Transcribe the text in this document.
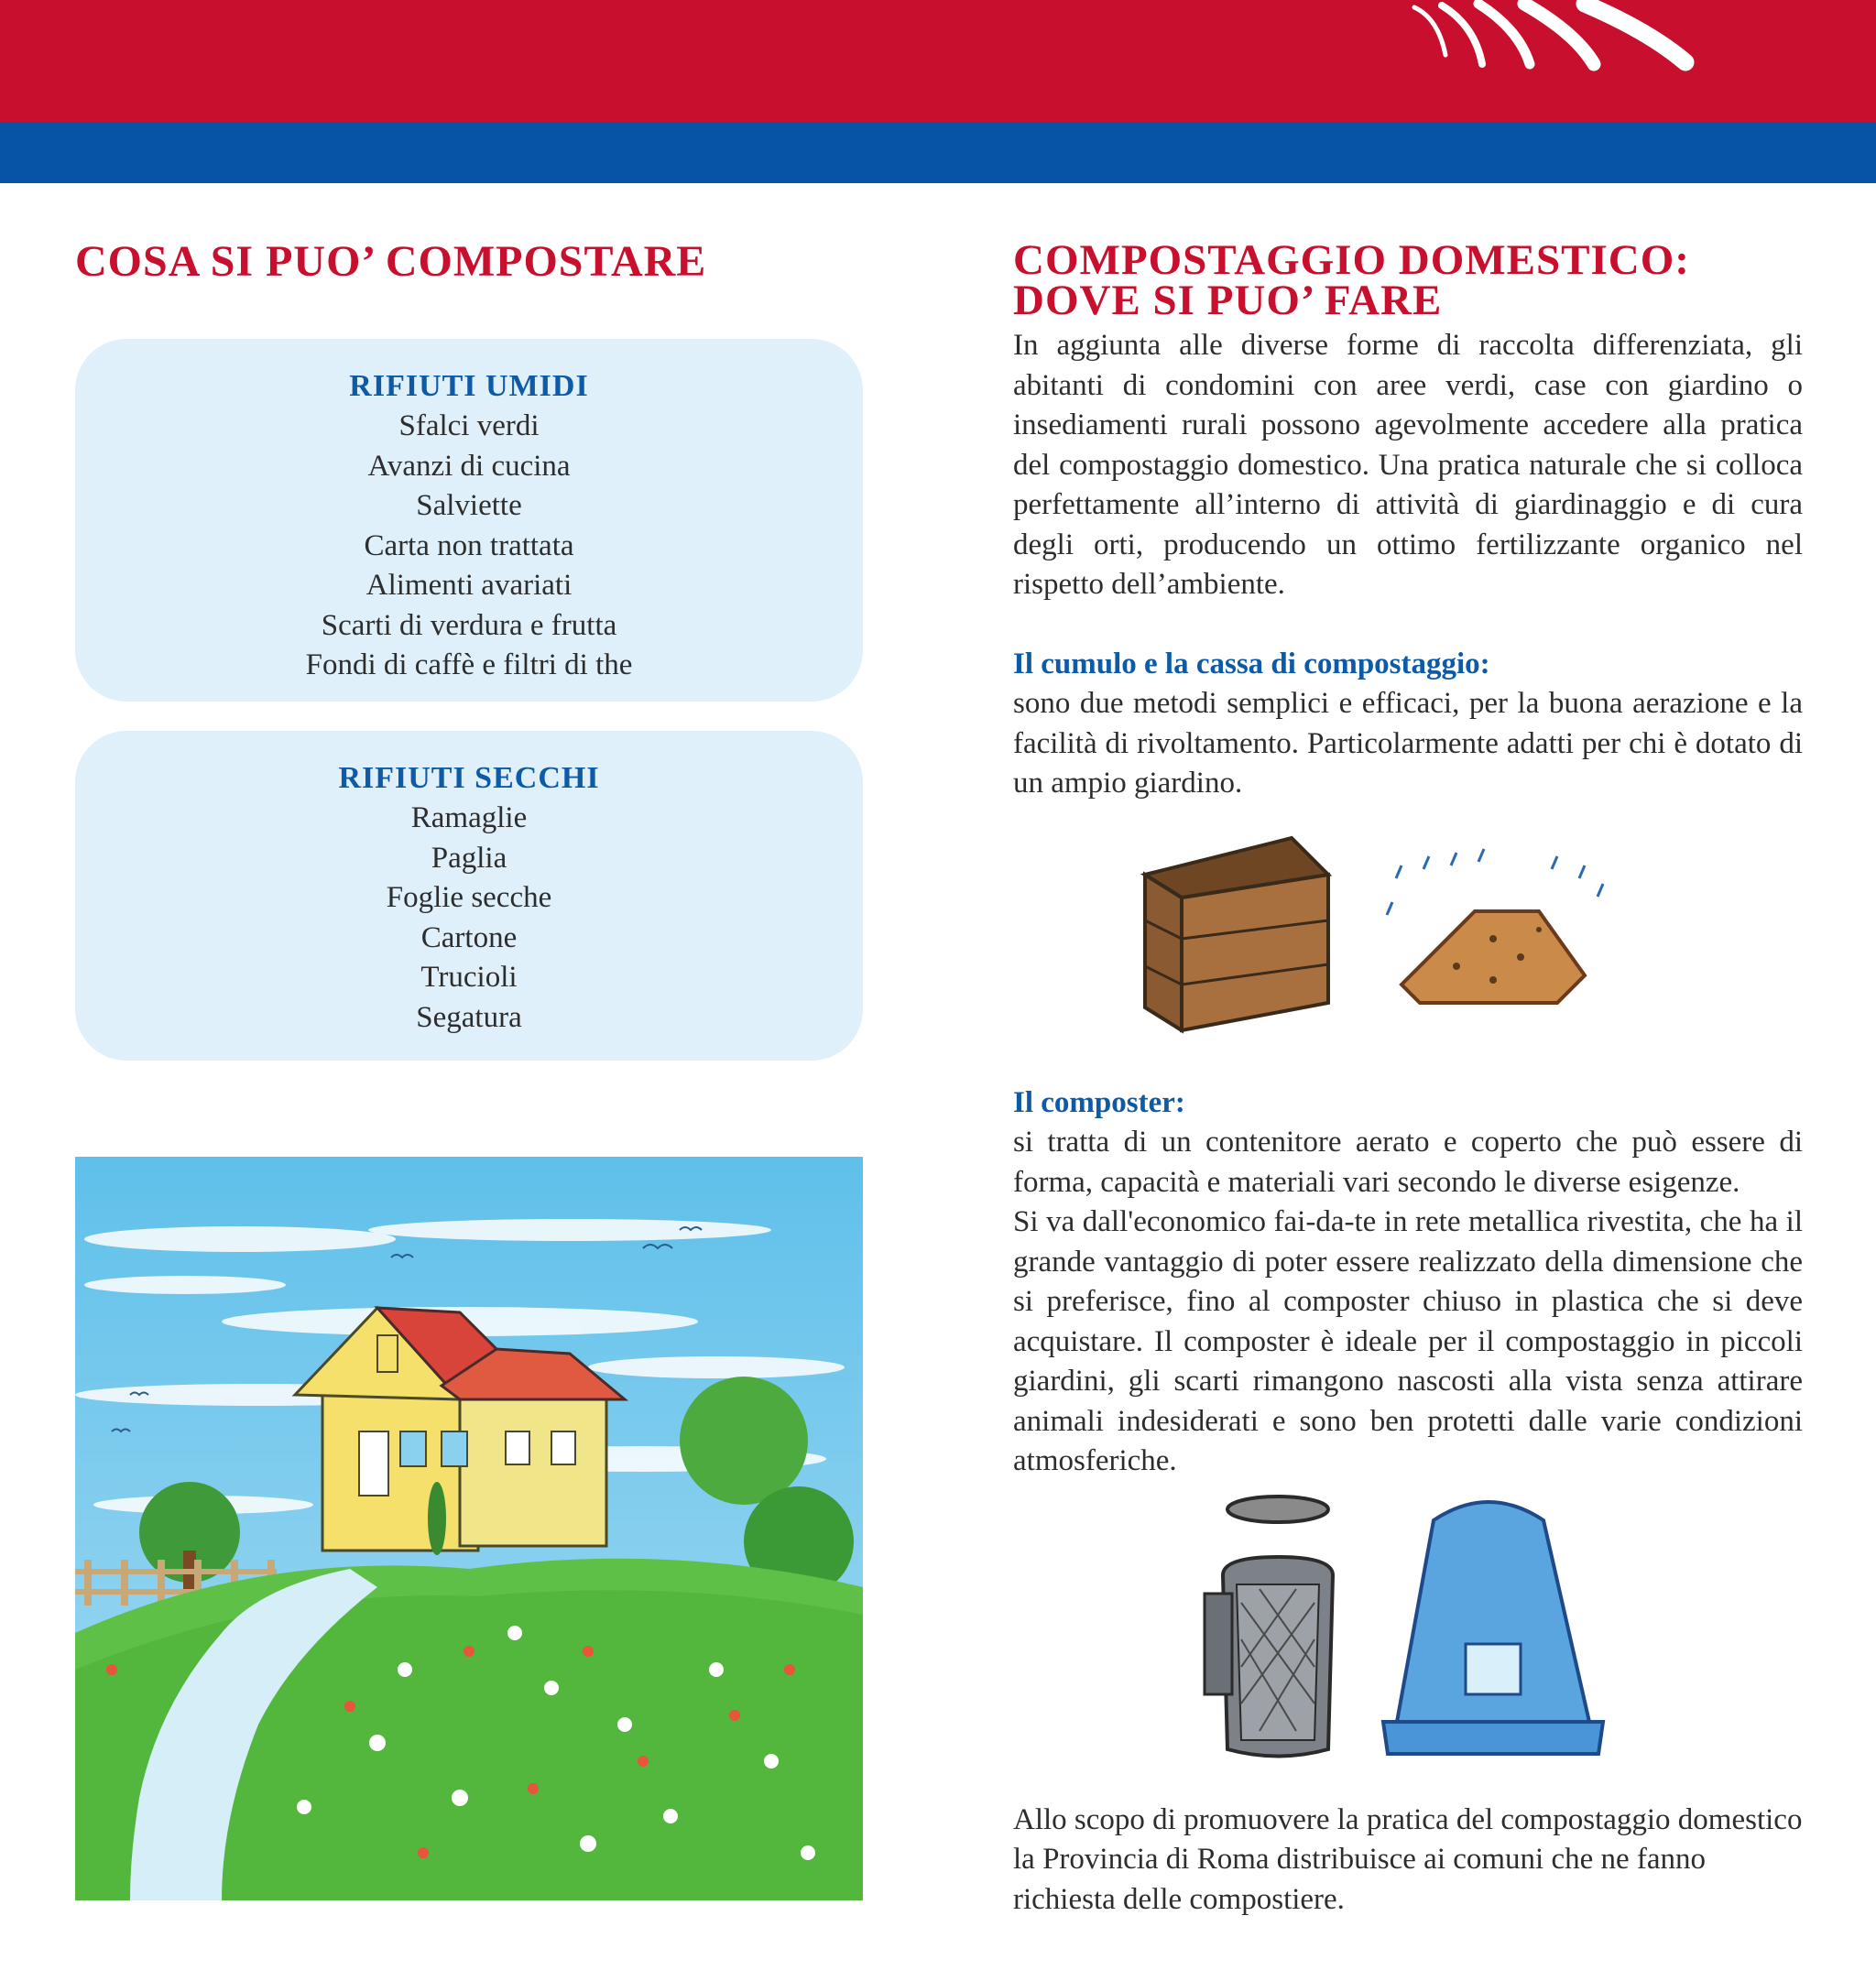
COSA SI PUO’ COMPOSTARE
RIFIUTI UMIDI
Sfalci verdi
Avanzi di cucina
Salviette
Carta non trattata
Alimenti avariati
Scarti di verdura e frutta
Fondi di caffè e filtri di the
RIFIUTI SECCHI
Ramaglie
Paglia
Foglie secche
Cartone
Trucioli
Segatura
COMPOSTAGGIO DOMESTICO:
DOVE SI PUO’ FARE

In aggiunta alle diverse forme di raccolta differenziata, gli abitanti di condomini con aree verdi, case con giardino o insediamenti rurali possono agevolmente accedere alla pratica del compostaggio domestico. Una pratica naturale che si colloca perfettamente all’interno di attività di giardinaggio e di cura degli orti, producendo un ottimo fertilizzante organico nel rispetto dell’ambiente.

Il cumulo e la cassa di compostaggio:

sono due metodi semplici e efficaci, per la buona aerazione e la facilità di rivoltamento. Particolarmente adatti per chi è dotato di un ampio giardino.

Il composter:

si tratta di un contenitore aerato e coperto che può essere di forma, capacità e materiali vari secondo le diverse esigenze.

Si va dall'economico fai-da-te in rete metallica rivestita, che ha il grande vantaggio di poter essere realizzato della dimensione che si preferisce, fino al composter chiuso in plastica che si deve acquistare. Il composter è ideale per il compostaggio in piccoli giardini, gli scarti rimangono nascosti alla vista senza attirare animali indesiderati e sono ben protetti dalle varie condizioni atmosferiche.

Allo scopo di promuovere la pratica del compostaggio domestico la Provincia di Roma distribuisce ai comuni che ne fanno richiesta delle compostiere.
